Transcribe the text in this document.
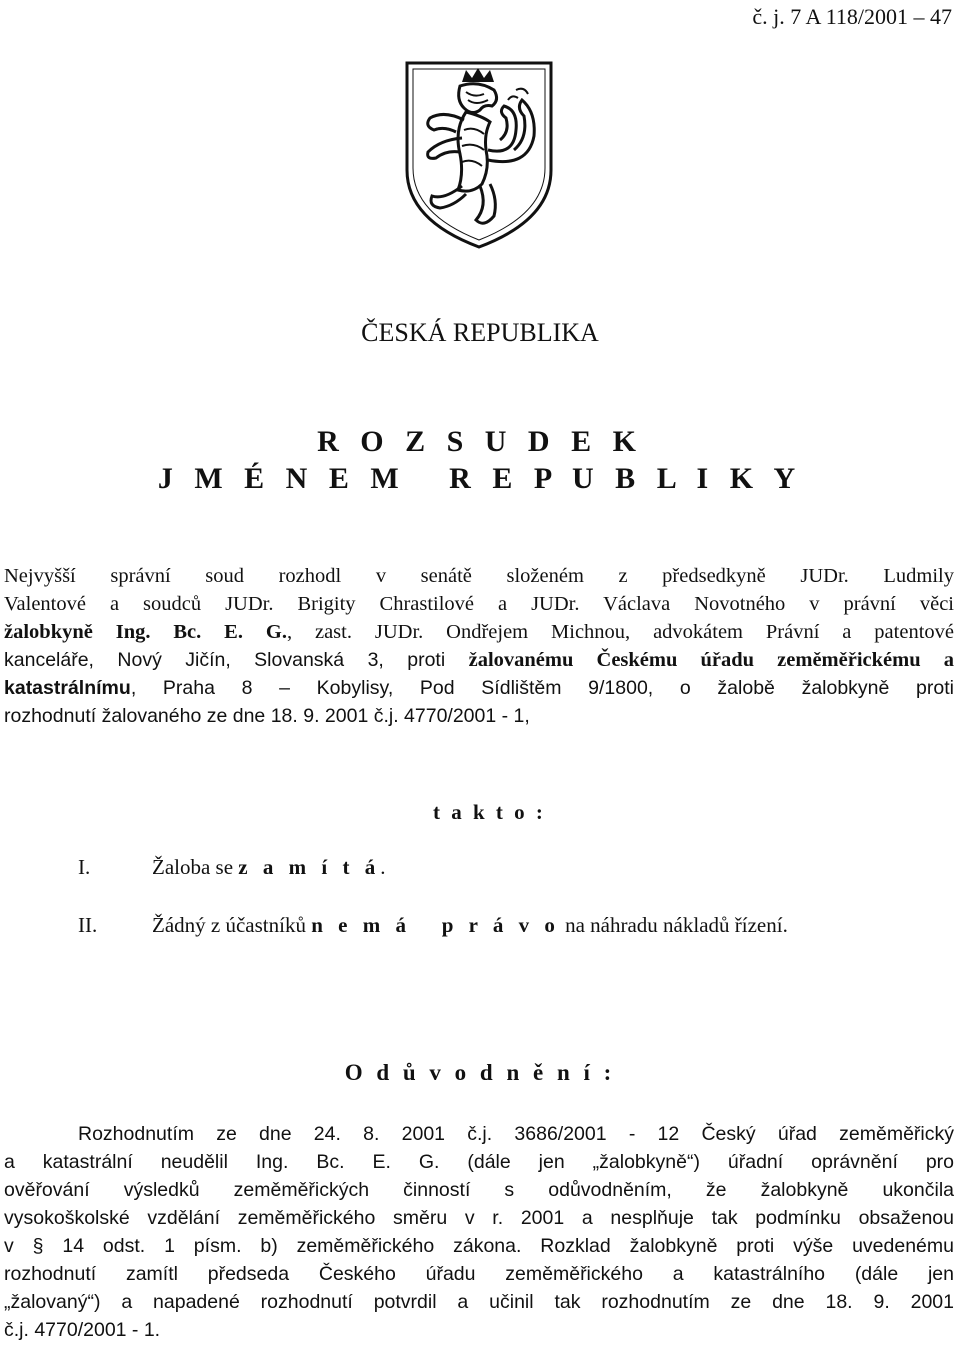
č. j. 7 A 118/2001 – 47
ČESKÁ REPUBLIKA
R O Z S U D E K
J M É N E M   R E P U B L I K Y
Nejvyšší správní soud rozhodl v senátě složeném z předsedkyně JUDr. Ludmily
Valentové a soudců JUDr. Brigity Chrastilové a JUDr. Václava Novotného v právní věci
žalobkyně Ing. Bc. E. G., zast. JUDr. Ondřejem Michnou, advokátem Právní a patentové
kanceláře, Nový Jičín, Slovanská 3, proti žalovanému Českému úřadu zeměměřickému a
katastrálnímu, Praha 8 – Kobylisy, Pod Sídlištěm 9/1800, o žalobě žalobkyně proti
rozhodnutí žalovaného ze dne 18. 9. 2001 č.j. 4770/2001 - 1,
t a k t o :
I.	Žaloba se z a m í t á.
II.	Žádný z účastníků n e m á   p r á v o na náhradu nákladů řízení.
O d ů v o d n ě n í :
Rozhodnutím ze dne 24. 8. 2001 č.j. 3686/2001 - 12 Český úřad zeměměřický
a katastrální neudělil Ing. Bc. E. G. (dále jen „žalobkyně“) úřadní oprávnění pro
ověřování výsledků zeměměřických činností s odůvodněním, že žalobkyně ukončila
vysokoškolské vzdělání zeměměřického směru v r. 2001 a nesplňuje tak podmínku obsaženou
v § 14 odst. 1 písm. b) zeměměřického zákona. Rozklad žalobkyně proti výše uvedenému
rozhodnutí zamítl předseda Českého úřadu zeměměřického a katastrálního (dále jen
„žalovaný“) a napadené rozhodnutí potvrdil a učinil tak rozhodnutím ze dne 18. 9. 2001
č.j. 4770/2001 - 1.
